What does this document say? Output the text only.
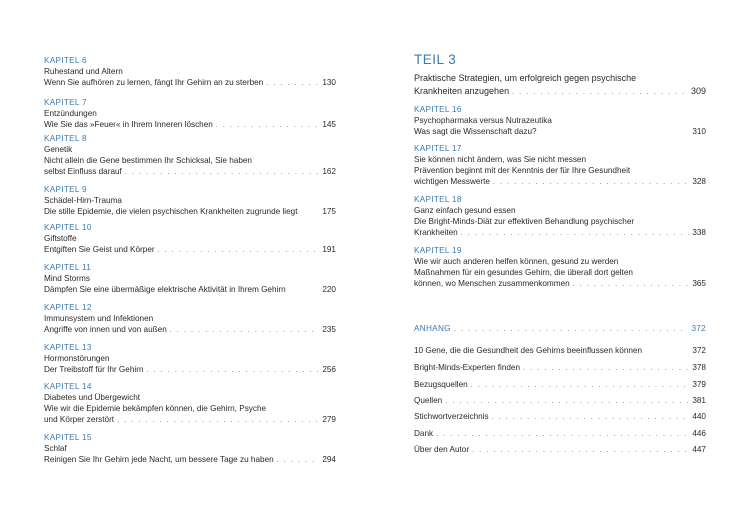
KAPITEL 6
Ruhestand und Altern
Wenn Sie aufhören zu lernen, fängt Ihr Gehirn an zu sterben . . .	130
KAPITEL 7
Entzündungen
Wie Sie das »Feuer« in Ihrem Inneren löschen . . .	145
KAPITEL 8
Genetik
Nicht allein die Gene bestimmen Ihr Schicksal, Sie haben
selbst Einfluss darauf . . .	162
KAPITEL 9
Schädel-Hirn-Trauma
Die stille Epidemie, die vielen psychischen Krankheiten zugrunde liegt	175
KAPITEL 10
Giftstoffe
Entgiften Sie Geist und Körper . . .	191
KAPITEL 11
Mind Storms
Dämpfen Sie eine übermäßige elektrische Aktivität in Ihrem Gehirn	220
KAPITEL 12
Immunsystem und Infektionen
Angriffe von innen und von außen . . .	235
KAPITEL 13
Hormonstörungen
Der Treibstoff für Ihr Gehirn . . .	256
KAPITEL 14
Diabetes und Übergewicht
Wie wir die Epidemie bekämpfen können, die Gehirn, Psyche
und Körper zerstört . . .	279
KAPITEL 15
Schlaf
Reinigen Sie Ihr Gehirn jede Nacht, um bessere Tage zu haben . . .	294
TEIL 3
Praktische Strategien, um erfolgreich gegen psychische
Krankheiten anzugehen . . .	309
KAPITEL 16
Psychopharmaka versus Nutrazeutika
Was sagt die Wissenschaft dazu?	310
KAPITEL 17
Sie können nicht ändern, was Sie nicht messen
Prävention beginnt mit der Kenntnis der für Ihre Gesundheit
wichtigen Messwerte . . .	328
KAPITEL 18
Ganz einfach gesund essen
Die Bright-Minds-Diät zur effektiven Behandlung psychischer
Krankheiten . . .	338
KAPITEL 19
Wie wir auch anderen helfen können, gesund zu werden
Maßnahmen für ein gesundes Gehirn, die überall dort gelten
können, wo Menschen zusammenkommen . . .	365
ANHANG . . .	372
10 Gene, die die Gesundheit des Gehirns beeinflussen können	372
Bright-Minds-Experten finden . . .	378
Bezugsquellen . . .	379
Quellen . . .	381
Stichwortverzeichnis . . .	440
Dank . . .	446
Über den Autor . . .	447
